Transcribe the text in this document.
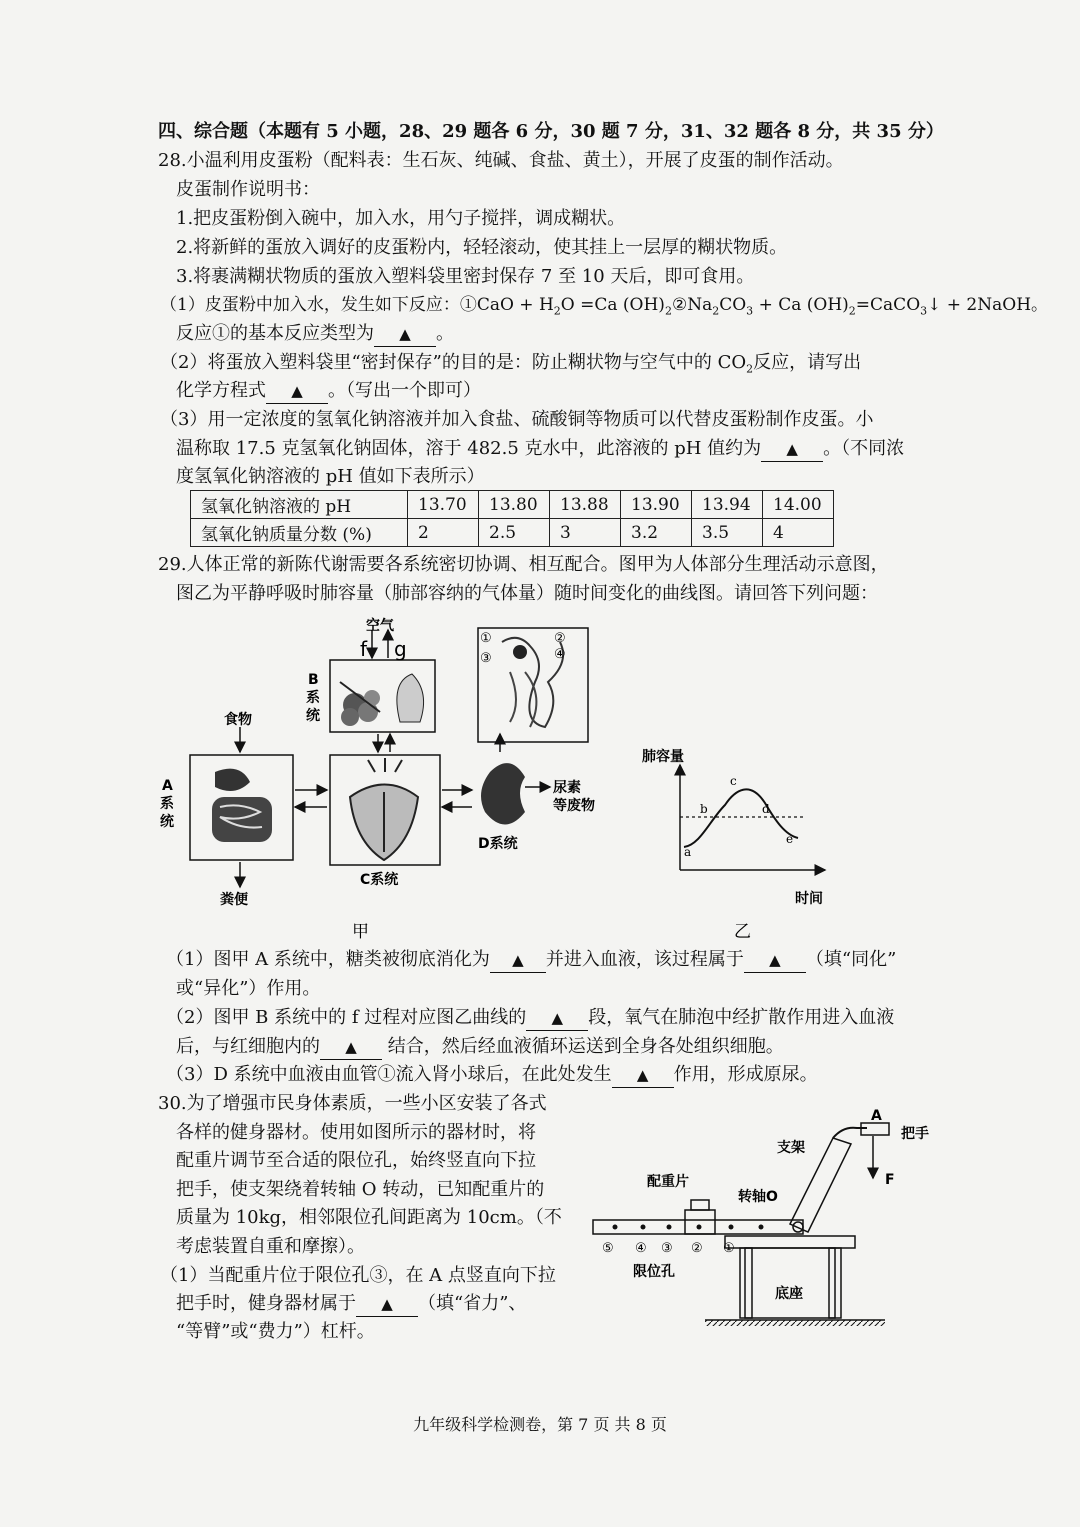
四、综合题（本题有 5 小题，28、29 题各 6 分，30 题 7 分，31、32 题各 8 分，共 35 分）
28.小温利用皮蛋粉（配料表：生石灰、纯碱、食盐、黄土），开展了皮蛋的制作活动。
皮蛋制作说明书：
1.把皮蛋粉倒入碗中，加入水，用勺子搅拌，调成糊状。
2.将新鲜的蛋放入调好的皮蛋粉内，轻轻滚动，使其挂上一层厚的糊状物质。
3.将裹满糊状物质的蛋放入塑料袋里密封保存 7 至 10 天后，即可食用。
（1）皮蛋粉中加入水，发生如下反应：①CaO + $H_2O =Ca$ $(OH)_2②Na_2CO_3 + Ca$ $(OH)_2=CaCO_3↓$ + 2NaOH。
反应①的基本反应类型为 ▲ 。
（2）将蛋放入塑料袋里“密封保存”的目的是：防止糊状物与空气中的 $CO_2$反应，请写出
化学方程式 ▲ 。（写出一个即可）
（3）用一定浓度的氢氧化钠溶液并加入食盐、硫酸铜等物质可以代替皮蛋粉制作皮蛋。小
温称取 17.5 克氢氧化钠固体，溶于 482.5 克水中，此溶液的 pH 值约为 ▲ 。（不同浓
度氢氧化钠溶液的 pH 值如下表所示）
氢氧化钠溶液的 pH	13.70	13.80	13.88	13.90	13.94	14.00
氢氧化钠质量分数 (%)	2	2.5	3	3.2	3.5	4
29.人体正常的新陈代谢需要各系统密切协调、相互配合。图甲为人体部分生理活动示意图，
图乙为平静呼吸时肺容量（肺部容纳的气体量）随时间变化的曲线图。请回答下列问题：
①
③
②
④
空气
f g
B
系
统
食物
A
系
统
粪便
C系统
D系统
尿素
等废物
甲
肺容量
时间
a
b
c
d
e
乙
（1）图甲 A 系统中，糖类被彻底消化为 ▲ 并进入血液，该过程属于 ▲ （填“同化”
或“异化”）作用。
（2）图甲 B 系统中的 f 过程对应图乙曲线的 ▲ 段，氧气在肺泡中经扩散作用进入血液
后，与红细胞内的 ▲ 结合，然后经血液循环运送到全身各处组织细胞。
（3）D 系统中血液由血管①流入肾小球后，在此处发生 ▲ 作用，形成原尿。
30.为了增强市民身体素质，一些小区安装了各式
各样的健身器材。使用如图所示的器材时，将
配重片调节至合适的限位孔，始终竖直向下拉
把手，使支架绕着转轴 O 转动，已知配重片的
质量为 10kg，相邻限位孔间距离为 10cm。（不
考虑装置自重和摩擦）。
（1）当配重片位于限位孔③，在 A 点竖直向下拉
把手时，健身器材属于 ▲ （填“省力”、
“等臂”或“费力”）杠杆。
A
把手
支架
F
配重片
转轴O
⑤ ④ ③ ② ①
限位孔
底座
九年级科学检测卷，第 7 页 共 8 页
